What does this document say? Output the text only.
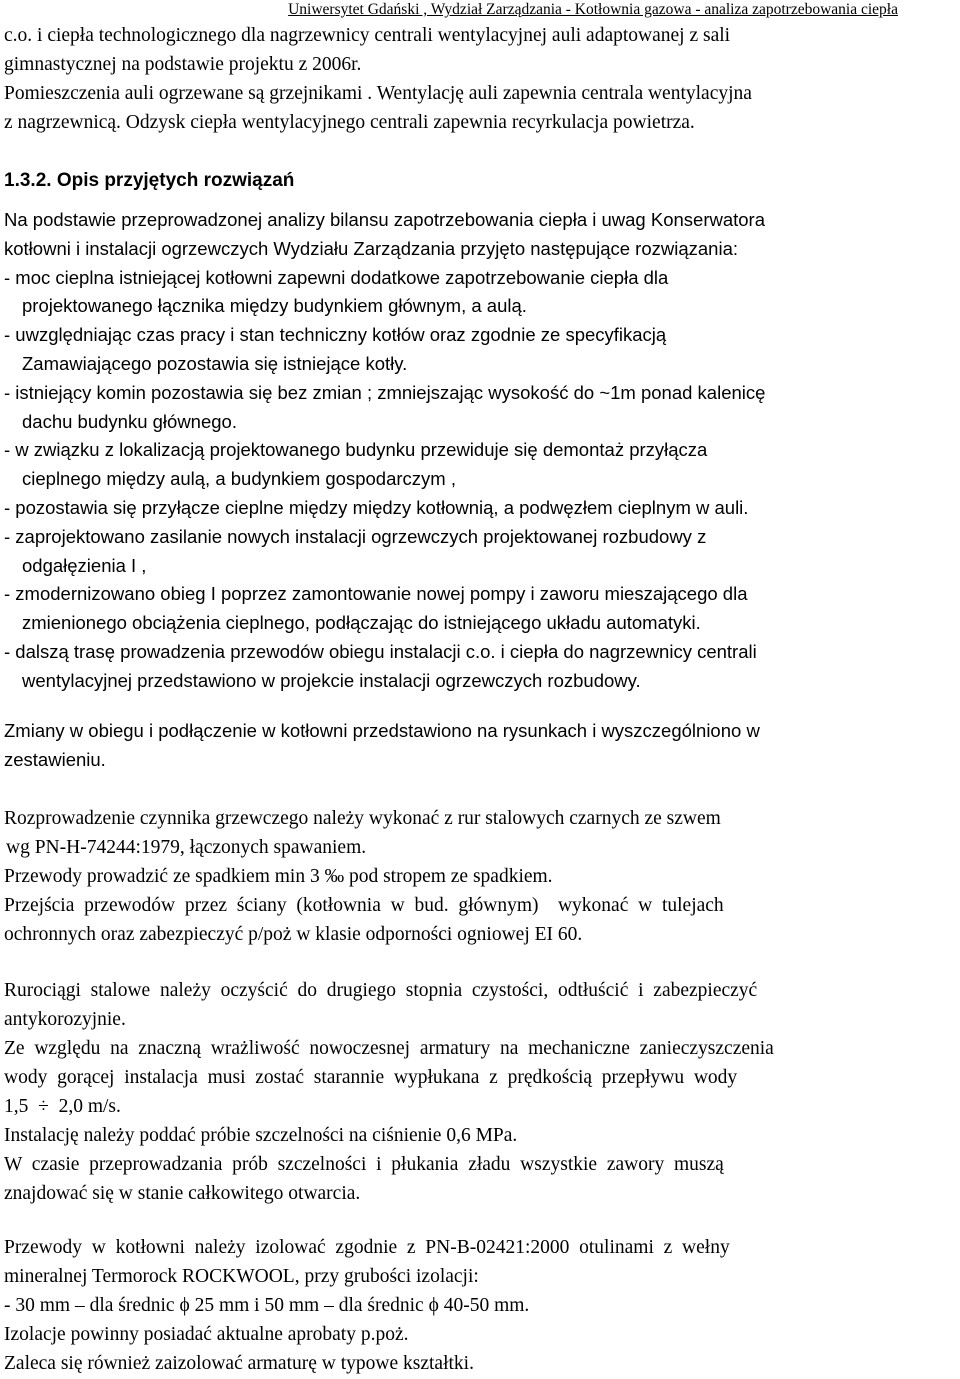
Uniwersytet Gdański , Wydział Zarządzania - Kotłownia gazowa - analiza zapotrzebowania ciepła
c.o. i ciepła technologicznego dla nagrzewnicy centrali wentylacyjnej auli adaptowanej z sali
gimnastycznej na podstawie projektu z 2006r.
Pomieszczenia auli ogrzewane są grzejnikami . Wentylację auli zapewnia centrala wentylacyjna
z nagrzewnicą. Odzysk ciepła wentylacyjnego centrali zapewnia recyrkulacja powietrza.
1.3.2. Opis przyjętych rozwiązań
Na podstawie przeprowadzonej analizy bilansu zapotrzebowania ciepła i uwag Konserwatora
kotłowni i instalacji ogrzewczych Wydziału Zarządzania przyjęto następujące rozwiązania:
- moc cieplna istniejącej kotłowni zapewni dodatkowe zapotrzebowanie ciepła dla
projektowanego łącznika między budynkiem głównym, a aulą.
- uwzględniając czas pracy i stan techniczny kotłów oraz zgodnie ze specyfikacją
Zamawiającego pozostawia się istniejące kotły.
- istniejący komin pozostawia się bez zmian ; zmniejszając wysokość do ~1m ponad kalenicę
dachu budynku głównego.
- w związku z lokalizacją projektowanego budynku przewiduje się demontaż przyłącza
cieplnego między aulą, a budynkiem gospodarczym ,
- pozostawia się przyłącze cieplne między między kotłownią, a podwęzłem cieplnym w auli.
- zaprojektowano zasilanie nowych instalacji ogrzewczych projektowanej rozbudowy z
odgałęzienia I ,
- zmodernizowano obieg I poprzez zamontowanie nowej pompy i zaworu mieszającego dla
zmienionego obciążenia cieplnego, podłączając do istniejącego układu automatyki.
- dalszą trasę prowadzenia przewodów obiegu instalacji c.o. i ciepła do nagrzewnicy centrali
wentylacyjnej przedstawiono w projekcie instalacji ogrzewczych rozbudowy.
Zmiany w obiegu i podłączenie w kotłowni przedstawiono na rysunkach i wyszczególniono w
zestawieniu.
Rozprowadzenie czynnika grzewczego należy wykonać z rur stalowych czarnych ze szwem
wg PN-H-74244:1979, łączonych spawaniem.
Przewody prowadzić ze spadkiem min 3 ‰ pod stropem ze spadkiem.
Przejścia  przewodów  przez  ściany  (kotłownia  w  bud.  głównym)    wykonać  w  tulejach
ochronnych oraz zabezpieczyć p/poż w klasie odporności ogniowej EI 60.
Rurociągi  stalowe  należy  oczyścić  do  drugiego  stopnia  czystości,  odtłuścić  i  zabezpieczyć
antykorozyjnie.
Ze  względu  na  znaczną  wrażliwość  nowoczesnej  armatury  na  mechaniczne  zanieczyszczenia
wody  gorącej  instalacja  musi  zostać  starannie  wypłukana  z  prędkością  przepływu  wody
1,5  ÷  2,0 m/s.
Instalację należy poddać próbie szczelności na ciśnienie 0,6 MPa.
W  czasie  przeprowadzania  prób  szczelności  i  płukania  zładu  wszystkie  zawory  muszą
znajdować się w stanie całkowitego otwarcia.
Przewody  w  kotłowni  należy  izolować  zgodnie  z  PN-B-02421:2000  otulinami  z  wełny
mineralnej Termorock ROCKWOOL, przy grubości izolacji:
- 30 mm – dla średnic ϕ 25 mm i 50 mm – dla średnic ϕ 40-50 mm.
Izolacje powinny posiadać aktualne aprobaty p.poż.
Zaleca się również zaizolować armaturę w typowe kształtki.
